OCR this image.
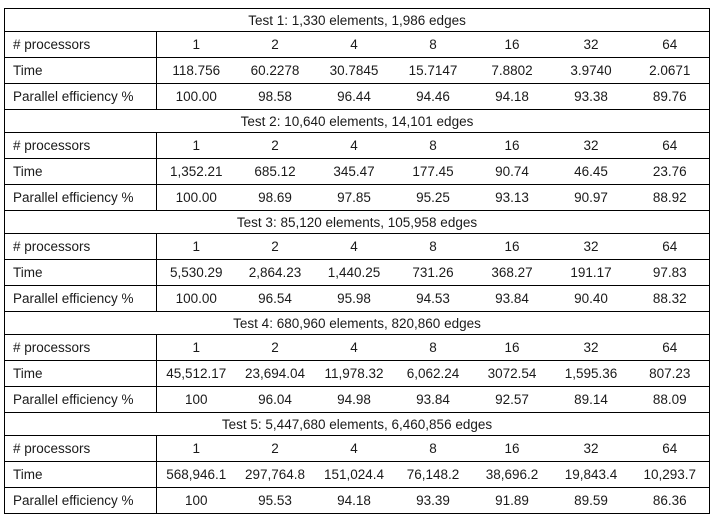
Test 1: 1,330 elements, 1,986 edges							
# processors	1	2	4	8	16	32	64
Time	118.756	60.2278	30.7845	15.7147	7.8802	3.9740	2.0671
Parallel efficiency %	100.00	98.58	96.44	94.46	94.18	93.38	89.76
Test 2: 10,640 elements, 14,101 edges							
# processors	1	2	4	8	16	32	64
Time	1,352.21	685.12	345.47	177.45	90.74	46.45	23.76
Parallel efficiency %	100.00	98.69	97.85	95.25	93.13	90.97	88.92
Test 3: 85,120 elements, 105,958 edges							
# processors	1	2	4	8	16	32	64
Time	5,530.29	2,864.23	1,440.25	731.26	368.27	191.17	97.83
Parallel efficiency %	100.00	96.54	95.98	94.53	93.84	90.40	88.32
Test 4: 680,960 elements, 820,860 edges							
# processors	1	2	4	8	16	32	64
Time	45,512.17	23,694.04	11,978.32	6,062.24	3072.54	1,595.36	807.23
Parallel efficiency %	100	96.04	94.98	93.84	92.57	89.14	88.09
Test 5: 5,447,680 elements, 6,460,856 edges							
# processors	1	2	4	8	16	32	64
Time	568,946.1	297,764.8	151,024.4	76,148.2	38,696.2	19,843.4	10,293.7
Parallel efficiency %	100	95.53	94.18	93.39	91.89	89.59	86.36
